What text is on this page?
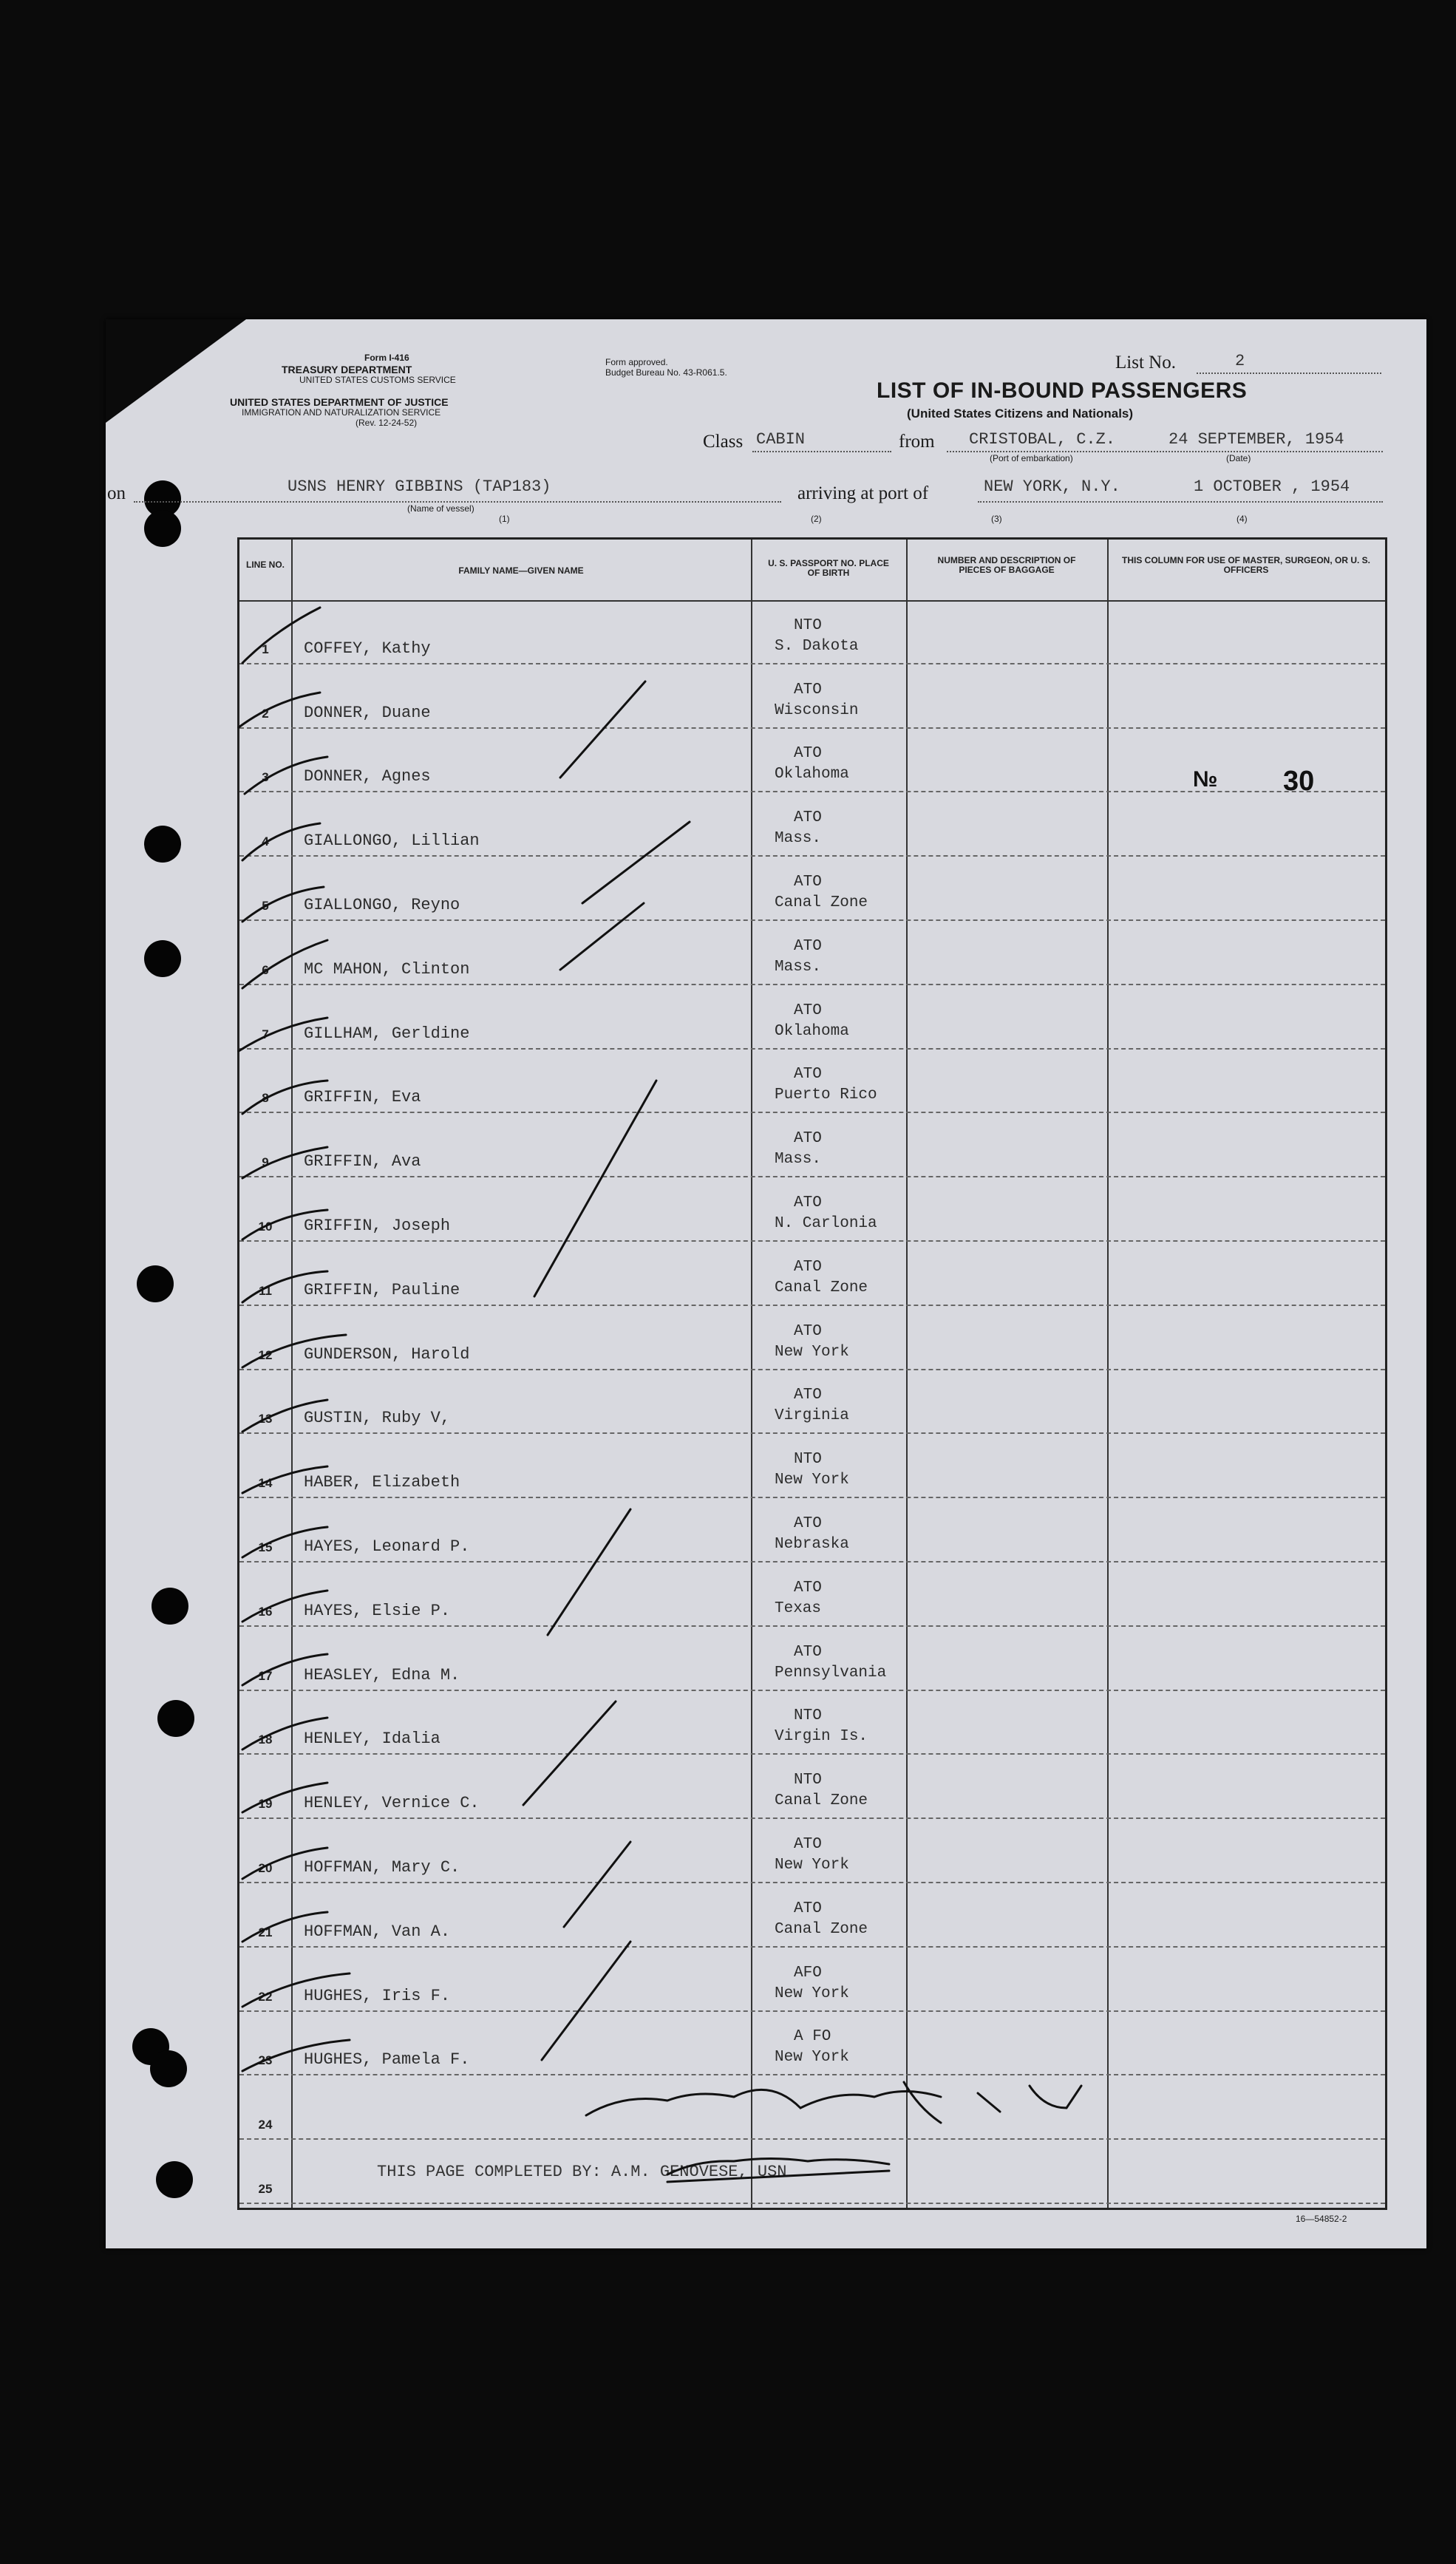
Form I-416
TREASURY DEPARTMENT
UNITED STATES CUSTOMS SERVICE
UNITED STATES DEPARTMENT OF JUSTICE
IMMIGRATION AND NATURALIZATION SERVICE
(Rev. 12-24-52)
Form approved.
Budget Bureau No. 43-R061.5.	List No.	2
LIST OF IN-BOUND PASSENGERS
(United States Citizens and Nationals)
Class CABIN	from CRISTOBAL, C.Z.	24 SEPTEMBER, 1954
(Port of embarkation)	(Date)
on	USNS HENRY GIBBINS (TAP183)
(Name of vessel)
arriving at port of	NEW YORK, N.Y.	1 OCTOBER , 1954
(1)	(2)	(3)	(4)
LINE NO.
FAMILY NAME—GIVEN NAME
U. S. PASSPORT NO. PLACE OF BIRTH
NUMBER AND DESCRIPTION OF PIECES OF BAGGAGE
THIS COLUMN FOR USE OF MASTER, SURGEON, OR U. S. OFFICERS
1	COFFEY, Kathy
NTO
S. Dakota
2	DONNER, Duane
ATO
Wisconsin
3	DONNER, Agnes
ATO
Oklahoma
4	GIALLONGO, Lillian
ATO
Mass.
5	GIALLONGO, Reyno
ATO
Canal Zone
6	MC MAHON, Clinton
ATO
Mass.
7	GILLHAM, Gerldine
ATO
Oklahoma
8	GRIFFIN, Eva
ATO
Puerto Rico
9	GRIFFIN, Ava
ATO
Mass.
10	GRIFFIN, Joseph
ATO
N. Carlonia
11	GRIFFIN, Pauline
ATO
Canal Zone
12	GUNDERSON, Harold
ATO
New York
13	GUSTIN, Ruby V,
ATO
Virginia
14	HABER, Elizabeth
NTO
New York
15	HAYES, Leonard P.
ATO
Nebraska
16	HAYES, Elsie P.
ATO
Texas
17	HEASLEY, Edna M.
ATO
Pennsylvania
18	HENLEY, Idalia
NTO
Virgin Is.
19	HENLEY, Vernice C.
NTO
Canal Zone
20	HOFFMAN, Mary C.
ATO
New York
21	HOFFMAN, Van A.
ATO
Canal Zone
22	HUGHES, Iris F.
AFO
New York
23	HUGHES, Pamela F.
A FO
New York
24
25
№ 30
THIS PAGE COMPLETED BY: A.M. GENOVESE, USN
16—54852-2
